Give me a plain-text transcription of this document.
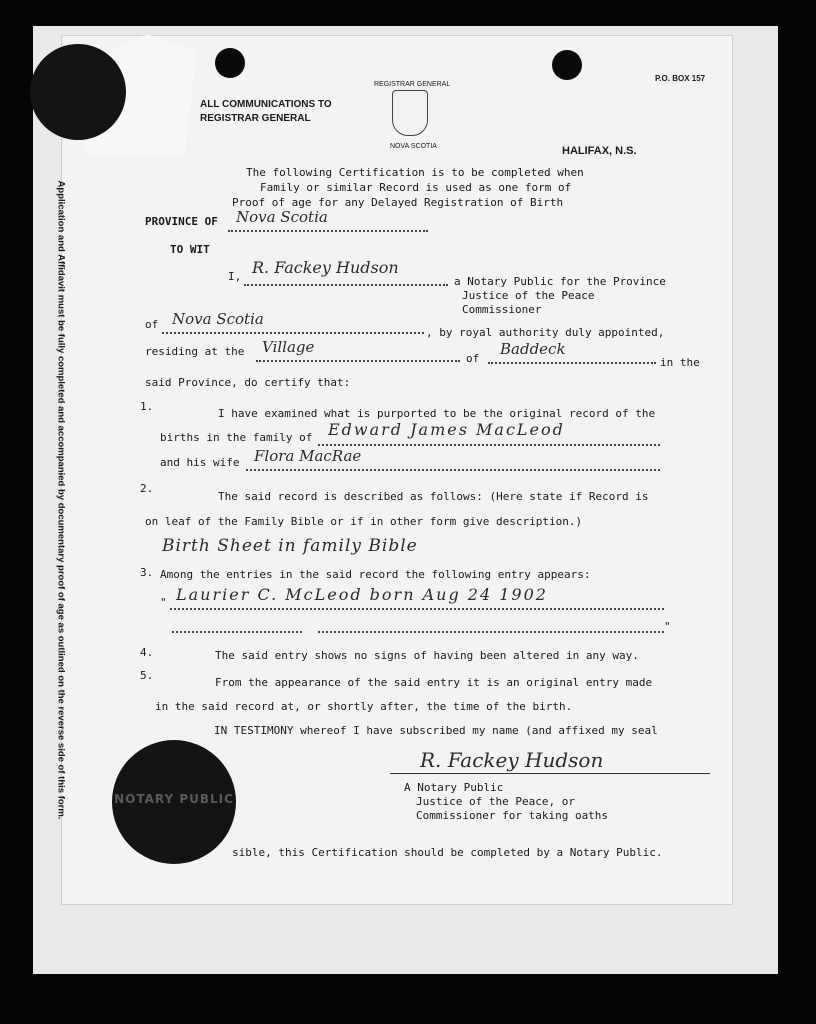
Application and Affidavit must be fully completed and accompanied by documentary proof of age as outlined on the reverse side of this form.
ALL COMMUNICATIONS TO
REGISTRAR GENERAL
REGISTRAR GENERAL
NOVA SCOTIA
P.O. BOX 157
HALIFAX, N.S.
The following Certification is to be completed when
Family or similar Record is used as one form of
Proof of age for any Delayed Registration of Birth
PROVINCE OF Nova Scotia
TO WIT
I, R. Fackey Hudson
a Notary Public for the Province
Justice of the Peace
Commissioner
of Nova Scotia
, by royal authority duly appointed,
residing at the Village
of
Baddeck
in the
said Province, do certify that:
1.
I have examined what is purported to be the original record of the
births in the family of Edward James MacLeod
and his wife Flora MacRae
2.
The said record is described as follows: (Here state if Record is
on leaf of the Family Bible or if in other form give description.)
Birth Sheet in family Bible
3. Among the entries in the said record the following entry appears:
" Laurier C. McLeod born Aug 24 1902
"
4.	The said entry shows no signs of having been altered in any way.
5.
From the appearance of the said entry it is an original entry made
in the said record at, or shortly after, the time of the birth.
IN TESTIMONY whereof I have subscribed my name (and affixed my seal
R. Fackey Hudson
A Notary Public
Justice of the Peace, or
Commissioner for taking oaths
NOTARY PUBLIC
sible, this Certification should be completed by a Notary Public.
